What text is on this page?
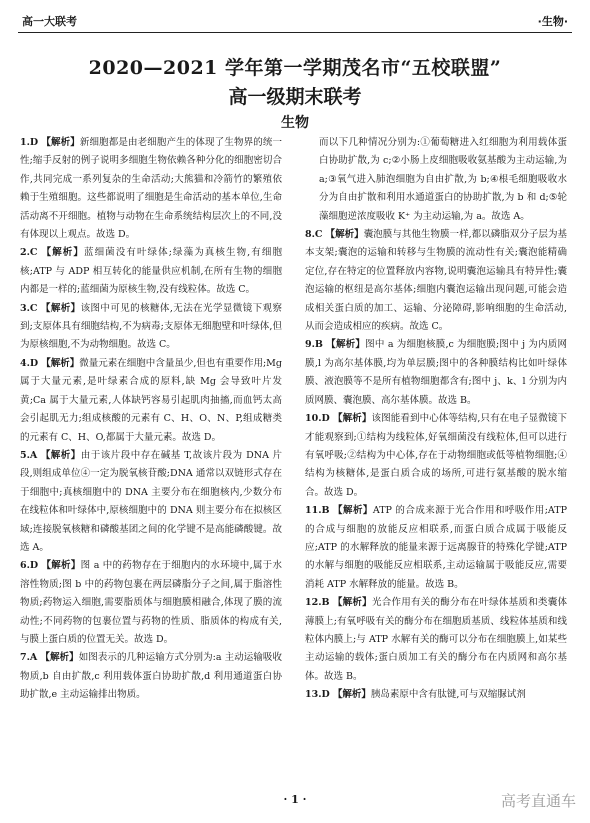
高一大联考	·生物·
2020—2021 学年第一学期茂名市“五校联盟”
高一级期末联考
生物

1.D 【解析】新细胞都是由老细胞产生的体现了生物界的统一性;缩手反射的例子说明多细胞生物依赖各种分化的细胞密切合作,共同完成一系列复杂的生命活动;大熊猫和冷箭竹的繁殖依赖于生殖细胞。这些都说明了细胞是生命活动的基本单位,生命活动离不开细胞。植物与动物在生命系统结构层次上的不同,没有体现以上观点。故选 D。

2.C 【解析】蓝细菌没有叶绿体;绿藻为真核生物,有细胞核;ATP 与 ADP 相互转化的能量供应机制,在所有生物的细胞内都是一样的;蓝细菌为原核生物,没有线粒体。故选 C。

3.C 【解析】该图中可见的核糖体,无法在光学显微镜下观察到;支原体具有细胞结构,不为病毒;支原体无细胞壁和叶绿体,但为原核细胞,不为动物细胞。故选 C。

4.D 【解析】微量元素在细胞中含量虽少,但也有重要作用;Mg 属于大量元素,是叶绿素合成的原料,缺 Mg 会导致叶片发黄;Ca 属于大量元素,人体缺钙容易引起肌肉抽搐,而血钙太高会引起肌无力;组成核酸的元素有 C、H、O、N、P,组成糖类的元素有 C、H、O,都属于大量元素。故选 D。

5.A 【解析】由于该片段中存在碱基 T,故该片段为 DNA 片段,则组成单位④一定为脱氧核苷酸;DNA 通常以双链形式存在于细胞中;真核细胞中的 DNA 主要分布在细胞核内,少数分布在线粒体和叶绿体中,原核细胞中的 DNA 则主要分布在拟核区域;连接脱氧核糖和磷酸基团之间的化学键不是高能磷酸键。故选 A。

6.D 【解析】图 a 中的药物存在于细胞内的水环境中,属于水溶性物质;图 b 中的药物包裹在两层磷脂分子之间,属于脂溶性物质;药物运入细胞,需要脂质体与细胞膜相融合,体现了膜的流动性;不同药物的包裹位置与药物的性质、脂质体的构成有关,与膜上蛋白质的位置无关。故选 D。

7.A 【解析】如图表示的几种运输方式分别为:a 主动运输吸收物质,b 自由扩散,c 利用载体蛋白协助扩散,d 利用通道蛋白协助扩散,e 主动运输排出物质。

而以下几种情况分别为:①葡萄糖进入红细胞为利用载体蛋白协助扩散,为 c;②小肠上皮细胞吸收氨基酸为主动运输,为 a;③氧气进入肺泡细胞为自由扩散,为 b;④根毛细胞吸收水分为自由扩散和利用水通道蛋白的协助扩散,为 b 和 d;⑤轮藻细胞逆浓度吸收 K⁺ 为主动运输,为 a。故选 A。

8.C 【解析】囊泡膜与其他生物膜一样,都以磷脂双分子层为基本支架;囊泡的运输和转移与生物膜的流动性有关;囊泡能精确定位,存在特定的位置释放内容物,说明囊泡运输具有特异性;囊泡运输的枢纽是高尔基体;细胞内囊泡运输出现问题,可能会造成相关蛋白质的加工、运输、分泌障碍,影响细胞的生命活动,从而会造成相应的疾病。故选 C。

9.B 【解析】图中 a 为细胞核膜,c 为细胞膜;图中 j 为内质网膜,l 为高尔基体膜,均为单层膜;图中的各种膜结构比如叶绿体膜、液泡膜等不是所有植物细胞都含有;图中 j、k、l 分别为内质网膜、囊泡膜、高尔基体膜。故选 B。

10.D 【解析】该图能看到中心体等结构,只有在电子显微镜下才能观察到;①结构为线粒体,好氧细菌没有线粒体,但可以进行有氧呼吸;②结构为中心体,存在于动物细胞或低等植物细胞;④结构为核糖体,是蛋白质合成的场所,可进行氨基酸的脱水缩合。故选 D。

11.B 【解析】ATP 的合成来源于光合作用和呼吸作用;ATP 的合成与细胞的放能反应相联系,而蛋白质合成属于吸能反应;ATP 的水解释放的能量来源于远离腺苷的特殊化学键;ATP 的水解与细胞的吸能反应相联系,主动运输属于吸能反应,需要消耗 ATP 水解释放的能量。故选 B。

12.B 【解析】光合作用有关的酶分布在叶绿体基质和类囊体薄膜上;有氧呼吸有关的酶分布在细胞质基质、线粒体基质和线粒体内膜上;与 ATP 水解有关的酶可以分布在细胞膜上,如某些主动运输的载体;蛋白质加工有关的酶分布在内质网和高尔基体。故选 B。

13.D 【解析】胰岛素原中含有肽键,可与双缩脲试剂

· 1 ·	高考直通车
